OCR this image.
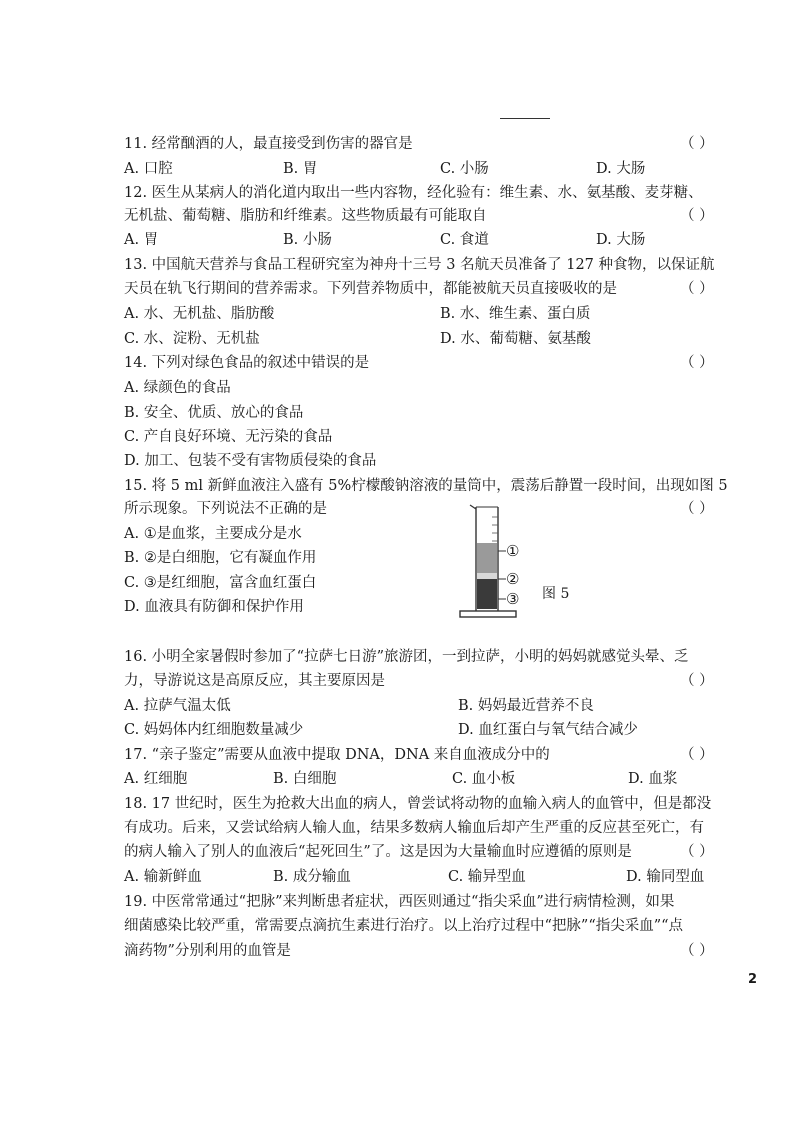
11. 经常酗酒的人，最直接受到伤害的器官是	（ ）
A. 口腔	B. 胃	C. 小肠	D. 大肠
12. 医生从某病人的消化道内取出一些内容物，经化验有：维生素、水、氨基酸、麦芽糖、
无机盐、葡萄糖、脂肪和纤维素。这些物质最有可能取自	（ ）
A. 胃	B. 小肠	C. 食道	D. 大肠
13. 中国航天营养与食品工程研究室为神舟十三号 3 名航天员准备了 127 种食物，以保证航
天员在轨飞行期间的营养需求。下列营养物质中，都能被航天员直接吸收的是	（ ）
A. 水、无机盐、脂肪酸	B. 水、维生素、蛋白质
C. 水、淀粉、无机盐	D. 水、葡萄糖、氨基酸
14. 下列对绿色食品的叙述中错误的是	（ ）
A. 绿颜色的食品
B. 安全、优质、放心的食品
C. 产自良好环境、无污染的食品
D. 加工、包装不受有害物质侵染的食品
15. 将 5 ml 新鲜血液注入盛有 5%柠檬酸钠溶液的量筒中，震荡后静置一段时间，出现如图 5
所示现象。下列说法不正确的是	（ ）
A. ①是血浆，主要成分是水
B. ②是白细胞，它有凝血作用
C. ③是红细胞，富含血红蛋白
D. 血液具有防御和保护作用
①
②
③ 图 5
16. 小明全家暑假时参加了“拉萨七日游”旅游团，一到拉萨，小明的妈妈就感觉头晕、乏
力，导游说这是高原反应，其主要原因是	（ ）
A. 拉萨气温太低	B. 妈妈最近营养不良
C. 妈妈体内红细胞数量减少	D. 血红蛋白与氧气结合减少
17. “亲子鉴定”需要从血液中提取 DNA，DNA 来自血液成分中的	（ ）
A. 红细胞	B. 白细胞	C. 血小板	D. 血浆
18. 17 世纪时，医生为抢救大出血的病人，曾尝试将动物的血输入病人的血管中，但是都没
有成功。后来，又尝试给病人输人血，结果多数病人输血后却产生严重的反应甚至死亡，有
的病人输入了别人的血液后“起死回生”了。这是因为大量输血时应遵循的原则是	（ ）
A. 输新鲜血	B. 成分输血	C. 输异型血	D. 输同型血
19. 中医常常通过“把脉”来判断患者症状，西医则通过“指尖采血”进行病情检测，如果
细菌感染比较严重，常需要点滴抗生素进行治疗。以上治疗过程中“把脉”“指尖采血”“点
滴药物”分别利用的血管是	（ ）
2
